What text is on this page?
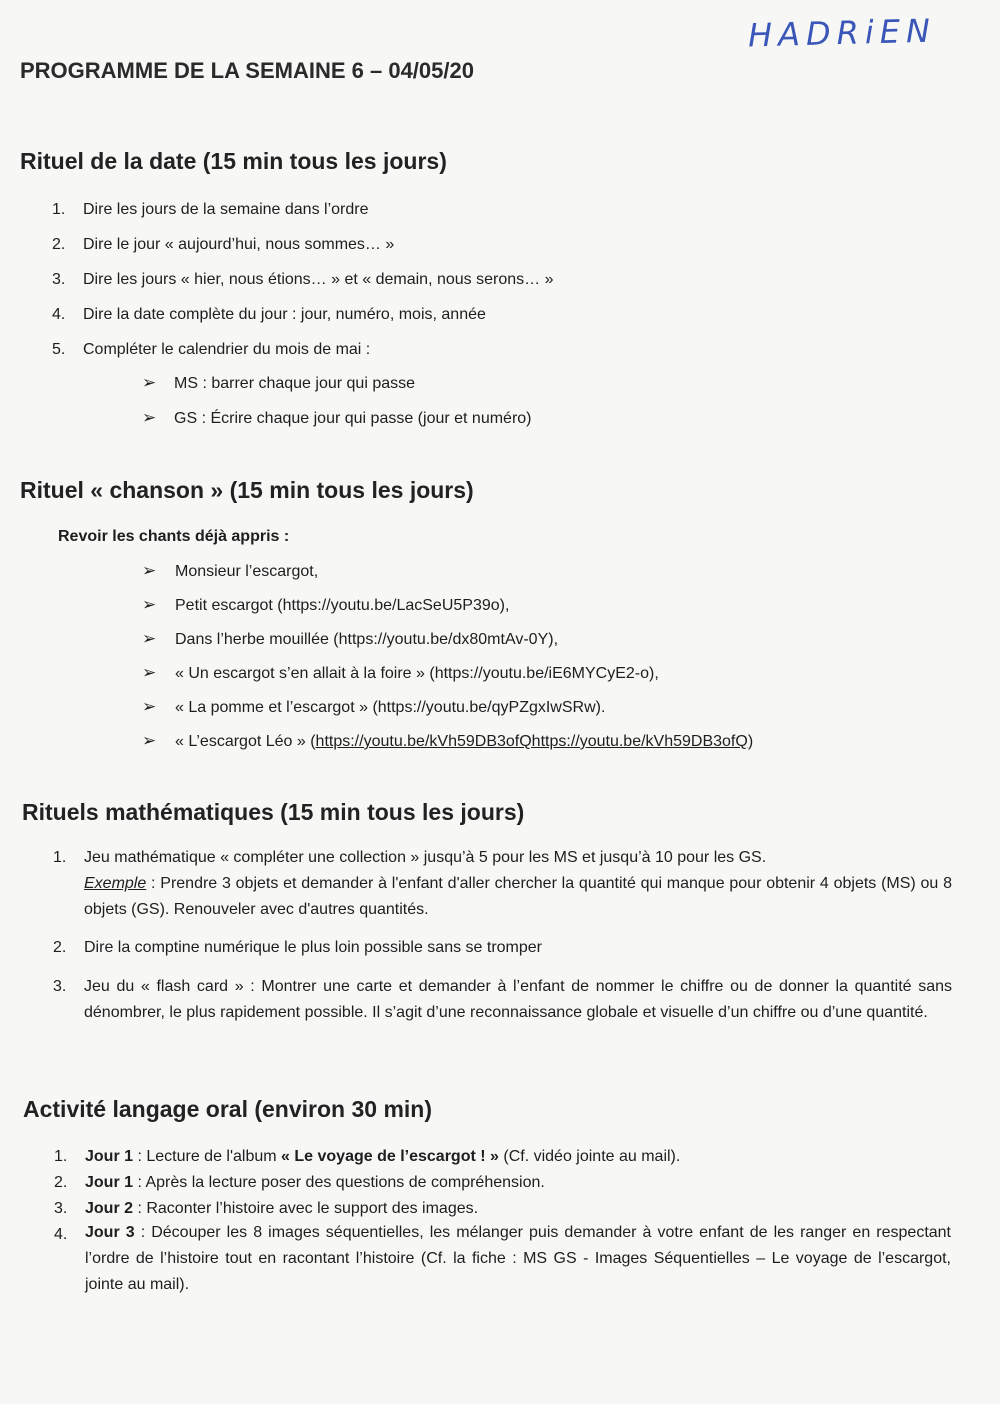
HADRiEN
PROGRAMME DE LA SEMAINE 6 – 04/05/20
Rituel de la date (15 min tous les jours)
1. Dire les jours de la semaine dans l’ordre
2. Dire le jour « aujourd’hui, nous sommes… »
3. Dire les jours « hier, nous étions… » et « demain, nous serons… »
4. Dire la date complète du jour : jour, numéro, mois, année
5. Compléter le calendrier du mois de mai :
➢ MS : barrer chaque jour qui passe
➢ GS : Écrire chaque jour qui passe (jour et numéro)
Rituel « chanson » (15 min tous les jours)
Revoir les chants déjà appris :
➢ Monsieur l’escargot,
➢ Petit escargot (https://youtu.be/LacSeU5P39o),
➢ Dans l’herbe mouillée (https://youtu.be/dx80mtAv-0Y),
➢ « Un escargot s’en allait à la foire » (https://youtu.be/iE6MYCyE2-o),
➢ « La pomme et l’escargot » (https://youtu.be/qyPZgxIwSRw).
➢ « L’escargot Léo » (https://youtu.be/kVh59DB3ofQhttps://youtu.be/kVh59DB3ofQ)
Rituels mathématiques (15 min tous les jours)
1. Jeu mathématique « compléter une collection » jusqu’à 5 pour les MS et jusqu’à 10 pour les GS.
Exemple : Prendre 3 objets et demander à l'enfant d'aller chercher la quantité qui manque pour obtenir 4 objets (MS) ou 8 objets (GS). Renouveler avec d'autres quantités.
2. Dire la comptine numérique le plus loin possible sans se tromper
3. Jeu du « flash card » : Montrer une carte et demander à l’enfant de nommer le chiffre ou de donner la quantité sans dénombrer, le plus rapidement possible. Il s’agit d’une reconnaissance globale et visuelle d’un chiffre ou d’une quantité.
Activité langage oral (environ 30 min)
1. Jour 1 : Lecture de l'album « Le voyage de l’escargot ! » (Cf. vidéo jointe au mail).
2. Jour 1 : Après la lecture poser des questions de compréhension.
3. Jour 2 : Raconter l’histoire avec le support des images.
4. Jour 3 : Découper les 8 images séquentielles, les mélanger puis demander à votre enfant de les ranger en respectant l’ordre de l’histoire tout en racontant l’histoire (Cf. la fiche : MS GS - Images Séquentielles – Le voyage de l’escargot, jointe au mail).
